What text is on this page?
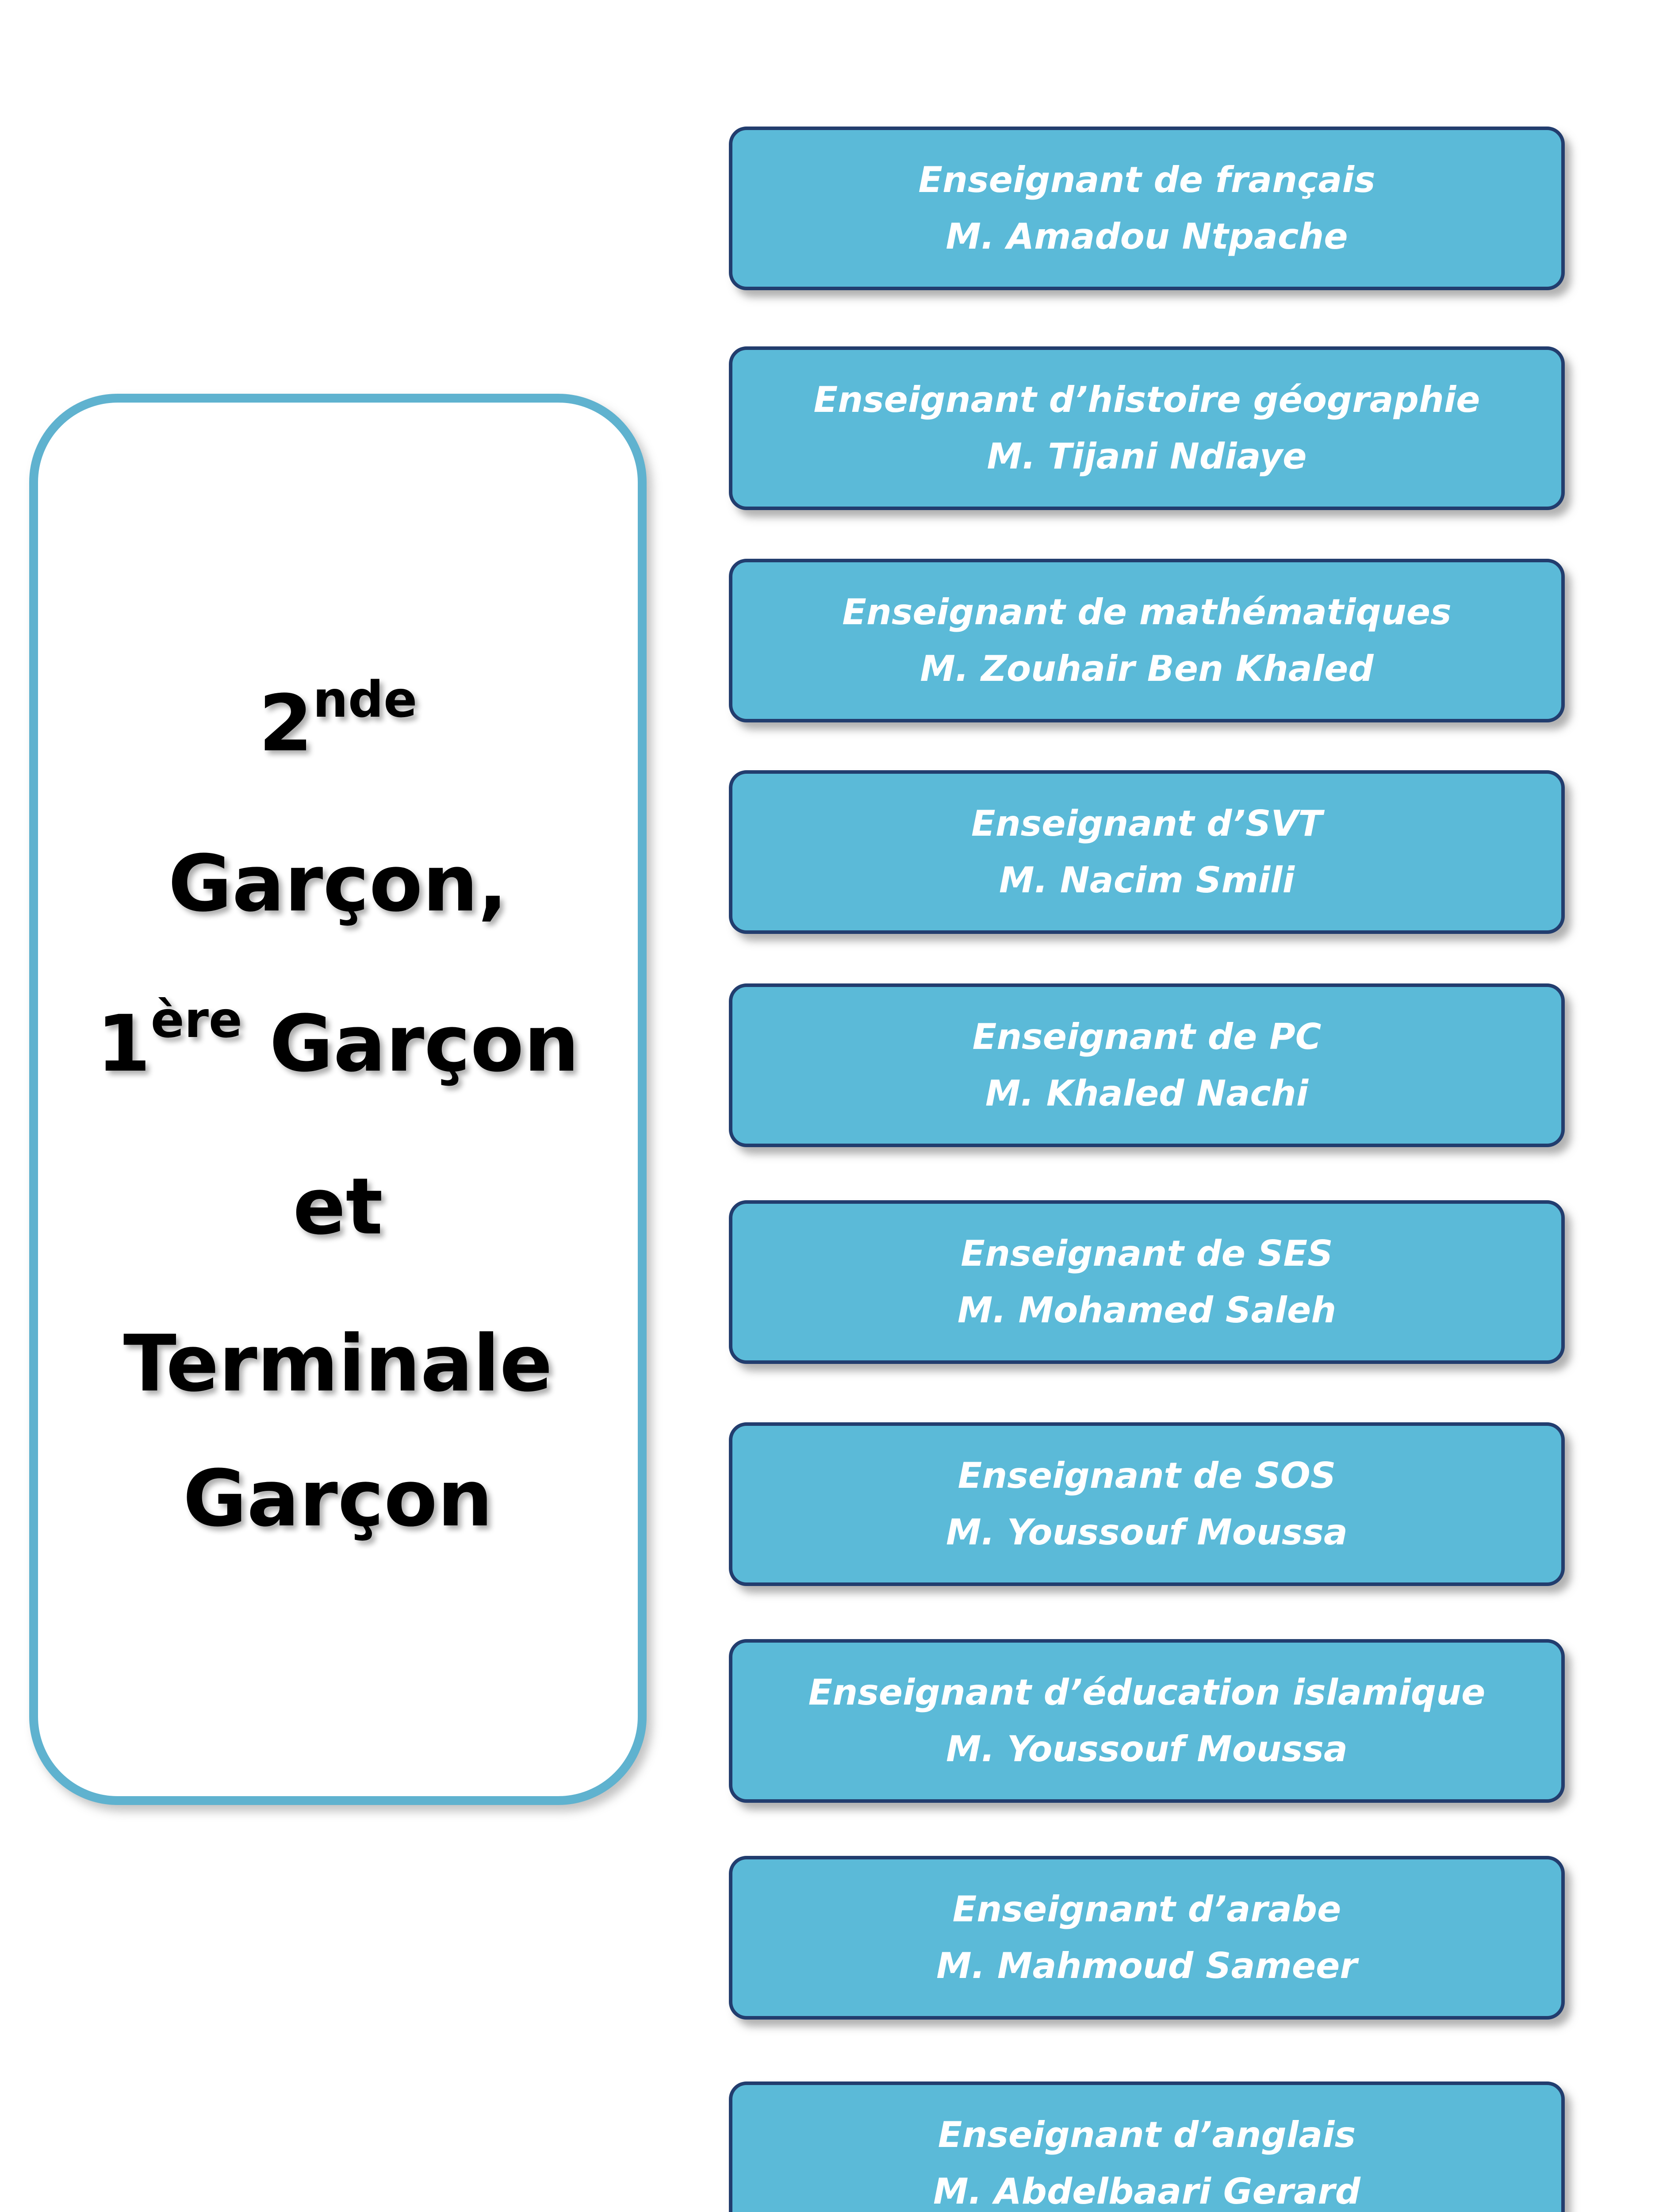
2nde
Garçon,
1ère Garçon
et
Terminale
Garçon
Enseignant de français
M. Amadou Ntpache
Enseignant d’histoire géographie
M. Tijani Ndiaye
Enseignant de mathématiques
M. Zouhair Ben Khaled
Enseignant d’SVT
M. Nacim Smili
Enseignant de PC
M. Khaled Nachi
Enseignant de SES
M. Mohamed Saleh
Enseignant de SOS
M. Youssouf Moussa
Enseignant d’éducation islamique
M. Youssouf Moussa
Enseignant d’arabe
M. Mahmoud Sameer
Enseignant d’anglais
M. Abdelbaari Gerard
